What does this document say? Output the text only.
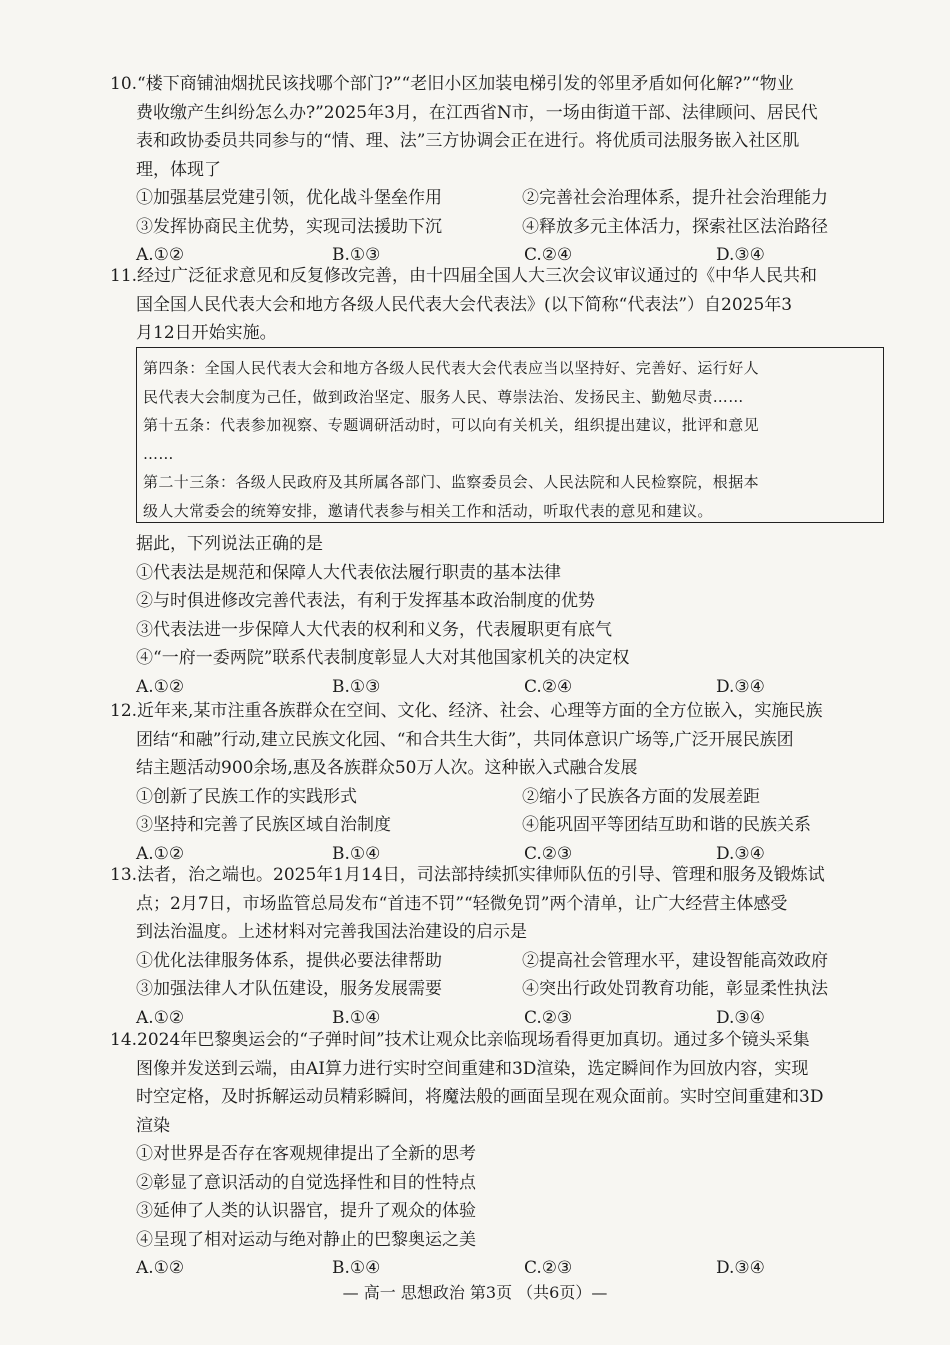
10.“楼下商铺油烟扰民该找哪个部门?”“老旧小区加装电梯引发的邻里矛盾如何化解?”“物业
费收缴产生纠纷怎么办?”2025年3月，在江西省N市，一场由街道干部、法律顾问、居民代
表和政协委员共同参与的“情、理、法”三方协调会正在进行。将优质司法服务嵌入社区肌
理，体现了
①加强基层党建引领，优化战斗堡垒作用	②完善社会治理体系，提升社会治理能力
③发挥协商民主优势，实现司法援助下沉	④释放多元主体活力，探索社区法治路径
A.①②	B.①③	C.②④	D.③④
11.经过广泛征求意见和反复修改完善，由十四届全国人大三次会议审议通过的《中华人民共和
国全国人民代表大会和地方各级人民代表大会代表法》(以下简称“代表法”）自2025年3
月12日开始实施。

第四条：全国人民代表大会和地方各级人民代表大会代表应当以坚持好、完善好、运行好人

民代表大会制度为己任，做到政治坚定、服务人民、尊崇法治、发扬民主、勤勉尽责……

第十五条：代表参加视察、专题调研活动时，可以向有关机关，组织提出建议，批评和意见

……

第二十三条：各级人民政府及其所属各部门、监察委员会、人民法院和人民检察院，根据本

级人大常委会的统筹安排，邀请代表参与相关工作和活动，听取代表的意见和建议。

据此，下列说法正确的是
①代表法是规范和保障人大代表依法履行职责的基本法律
②与时俱进修改完善代表法，有利于发挥基本政治制度的优势
③代表法进一步保障人大代表的权利和义务，代表履职更有底气
④“一府一委两院”联系代表制度彰显人大对其他国家机关的决定权
A.①②	B.①③	C.②④	D.③④
12.近年来,某市注重各族群众在空间、文化、经济、社会、心理等方面的全方位嵌入，实施民族
团结“和融”行动,建立民族文化园、“和合共生大街”，共同体意识广场等,广泛开展民族团
结主题活动900余场,惠及各族群众50万人次。这种嵌入式融合发展
①创新了民族工作的实践形式	②缩小了民族各方面的发展差距
③坚持和完善了民族区域自治制度	④能巩固平等团结互助和谐的民族关系
A.①②	B.①④	C.②③	D.③④
13.法者，治之端也。2025年1月14日，司法部持续抓实律师队伍的引导、管理和服务及锻炼试
点；2月7日，市场监管总局发布“首违不罚”“轻微免罚”两个清单，让广大经营主体感受
到法治温度。上述材料对完善我国法治建设的启示是
①优化法律服务体系，提供必要法律帮助	②提高社会管理水平，建设智能高效政府
③加强法律人才队伍建设，服务发展需要	④突出行政处罚教育功能，彰显柔性执法
A.①②	B.①④	C.②③	D.③④
14.2024年巴黎奥运会的“子弹时间”技术让观众比亲临现场看得更加真切。通过多个镜头采集
图像并发送到云端，由AI算力进行实时空间重建和3D渲染，选定瞬间作为回放内容，实现
时空定格，及时拆解运动员精彩瞬间，将魔法般的画面呈现在观众面前。实时空间重建和3D
渲染
①对世界是否存在客观规律提出了全新的思考
②彰显了意识活动的自觉选择性和目的性特点
③延伸了人类的认识器官，提升了观众的体验
④呈现了相对运动与绝对静止的巴黎奥运之美
A.①②	B.①④	C.②③	D.③④
— 高一 思想政治 第3页 （共6页）—
